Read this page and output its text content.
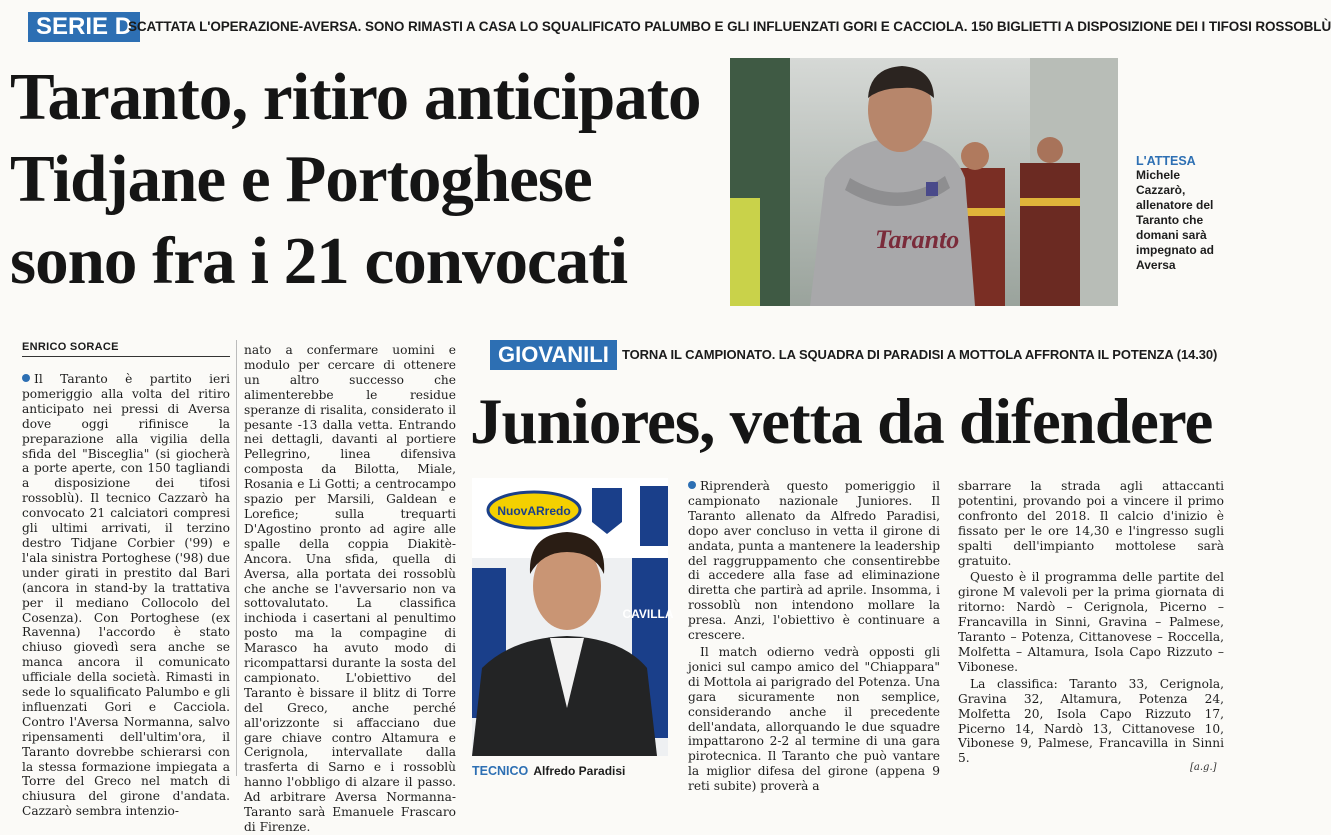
SERIE D
SCATTATA L'OPERAZIONE-AVERSA. SONO RIMASTI A CASA LO SQUALIFICATO PALUMBO E GLI INFLUENZATI GORI E CACCIOLA. 150 BIGLIETTI A DISPOSIZIONE DEI I TIFOSI ROSSOBLÙ
Taranto, ritiro anticipato
Tidjane e Portoghese
sono fra i 21 convocati	Taranto
L'ATTESA
Michele Cazzarò, allenatore del Taranto che domani sarà impegnato ad Aversa
ENRICO SORACE

Il Taranto è partito ieri pomeriggio alla volta del ritiro anticipato nei pressi di Aversa dove oggi rifinisce la preparazione alla vigilia della sfida del "Bisceglia" (si giocherà a porte aperte, con 150 tagliandi a disposizione dei tifosi rossoblù). Il tecnico Cazzarò ha convocato 21 calciatori compresi gli ultimi arrivati, il terzino destro Tidjane Corbier ('99) e l'ala sinistra Portoghese ('98) due under girati in prestito dal Bari (ancora in stand-by la trattativa per il mediano Collocolo del Cosenza). Con Portoghese (ex Ravenna) l'accordo è stato chiuso giovedì sera anche se manca ancora il comunicato ufficiale della società. Rimasti in sede lo squalificato Palumbo e gli influenzati Gori e Cacciola. Contro l'Aversa Normanna, salvo ripensamenti dell'ultim'ora, il Taranto dovrebbe schierarsi con la stessa formazione impiegata a Torre del Greco nel match di chiusura del girone d'andata. Cazzarò sembra intenzio-

nato a confermare uomini e modulo per cercare di ottenere un altro successo che alimenterebbe le residue speranze di risalita, considerato il pesante -13 dalla vetta. Entrando nei dettagli, davanti al portiere Pellegrino, linea difensiva composta da Bilotta, Miale, Rosania e Li Gotti; a centrocampo spazio per Marsili, Galdean e Lorefice; sulla trequarti D'Agostino pronto ad agire alle spalle della coppia Diakitè-Ancora. Una sfida, quella di Aversa, alla portata dei rossoblù che anche se l'avversario non va sottovalutato. La classifica inchioda i casertani al penultimo posto ma la compagine di Marasco ha avuto modo di ricompattarsi durante la sosta del campionato. L'obiettivo del Taranto è bissare il blitz di Torre del Greco, anche perché all'orizzonte si affacciano due gare chiave contro Altamura e Cerignola, intervallate dalla trasferta di Sarno e i rossoblù hanno l'obbligo di alzare il passo. Ad arbitrare Aversa Normanna-Taranto sarà Emanuele Frascaro di Firenze.

GIOVANILI	TORNA IL CAMPIONATO. LA SQUADRA DI PARADISI A MOTTOLA AFFRONTA IL POTENZA (14.30)
Juniores, vetta da difendere
NuovARredo
CAVILLA
TECNICO Alfredo Paradisi

Riprenderà questo pomeriggio il campionato nazionale Juniores. Il Taranto allenato da Alfredo Paradisi, dopo aver concluso in vetta il girone di andata, punta a mantenere la leadership del raggruppamento che consentirebbe di accedere alla fase ad eliminazione diretta che partirà ad aprile. Insomma, i rossoblù non intendono mollare la presa. Anzi, l'obiettivo è continuare a crescere.

Il match odierno vedrà opposti gli jonici sul campo amico del "Chiappara" di Mottola ai parigrado del Potenza. Una gara sicuramente non semplice, considerando anche il precedente dell'andata, allorquando le due squadre impattarono 2-2 al termine di una gara pirotecnica. Il Taranto che può vantare la miglior difesa del girone (appena 9 reti subite) proverà a

sbarrare la strada agli attaccanti potentini, provando poi a vincere il primo confronto del 2018. Il calcio d'inizio è fissato per le ore 14,30 e l'ingresso sugli spalti dell'impianto mottolese sarà gratuito.

Questo è il programma delle partite del girone M valevoli per la prima giornata di ritorno: Nardò – Cerignola, Picerno – Francavilla in Sinni, Gravina – Palmese, Taranto – Potenza, Cittanovese – Roccella, Molfetta – Altamura, Isola Capo Rizzuto – Vibonese.

La classifica: Taranto 33, Cerignola, Gravina 32, Altamura, Potenza 24, Molfetta 20, Isola Capo Rizzuto 17, Picerno 14, Nardò 13, Cittanovese 10, Vibonese 9, Palmese, Francavilla in Sinni 5.

[a.g.]
